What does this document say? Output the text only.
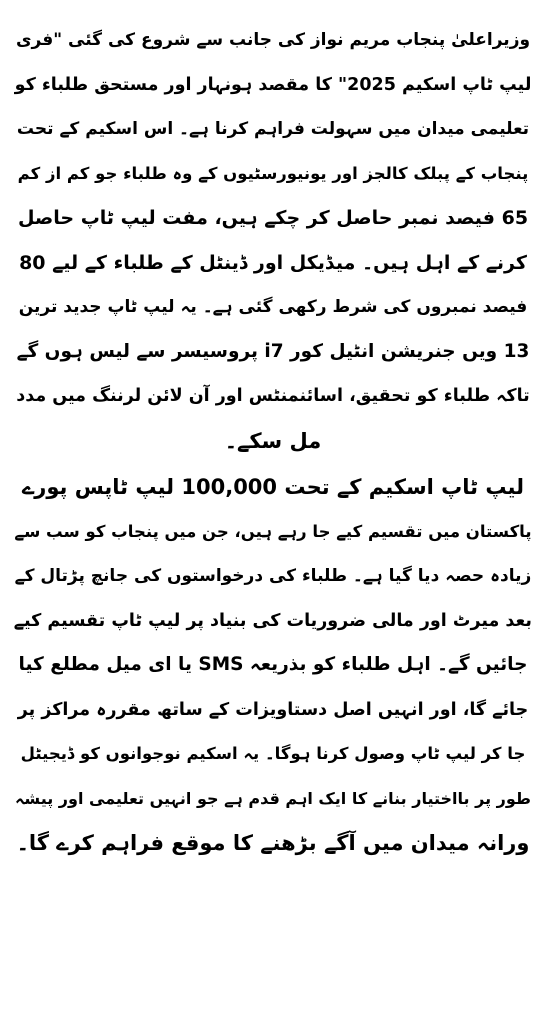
وزیراعلیٰ پنجاب مریم نواز کی جانب سے شروع کی گئی "فری
لیپ ٹاپ اسکیم 2025" کا مقصد ہونہار اور مستحق طلباء کو
تعلیمی میدان میں سہولت فراہم کرنا ہے۔ اس اسکیم کے تحت
پنجاب کے پبلک کالجز اور یونیورسٹیوں کے وہ طلباء جو کم از کم
65 فیصد نمبر حاصل کر چکے ہیں، مفت لیپ ٹاپ حاصل
کرنے کے اہل ہیں۔ میڈیکل اور ڈینٹل کے طلباء کے لیے 80
فیصد نمبروں کی شرط رکھی گئی ہے۔ یہ لیپ ٹاپ جدید ترین
13 ویں جنریشن انٹیل کور i7 پروسیسر سے لیس ہوں گے
تاکہ طلباء کو تحقیق، اسائنمنٹس اور آن لائن لرننگ میں مدد
مل سکے۔
لیپ ٹاپ اسکیم کے تحت 100,000 لیپ ٹاپس پورے
پاکستان میں تقسیم کیے جا رہے ہیں، جن میں پنجاب کو سب سے
زیادہ حصہ دیا گیا ہے۔ طلباء کی درخواستوں کی جانچ پڑتال کے
بعد میرٹ اور مالی ضروریات کی بنیاد پر لیپ ٹاپ تقسیم کیے
جائیں گے۔ اہل طلباء کو بذریعہ SMS یا ای میل مطلع کیا
جائے گا، اور انہیں اصل دستاویزات کے ساتھ مقررہ مراکز پر
جا کر لیپ ٹاپ وصول کرنا ہوگا۔ یہ اسکیم نوجوانوں کو ڈیجیٹل
طور پر بااختیار بنانے کا ایک اہم قدم ہے جو انہیں تعلیمی اور پیشہ
ورانہ میدان میں آگے بڑھنے کا موقع فراہم کرے گا۔
